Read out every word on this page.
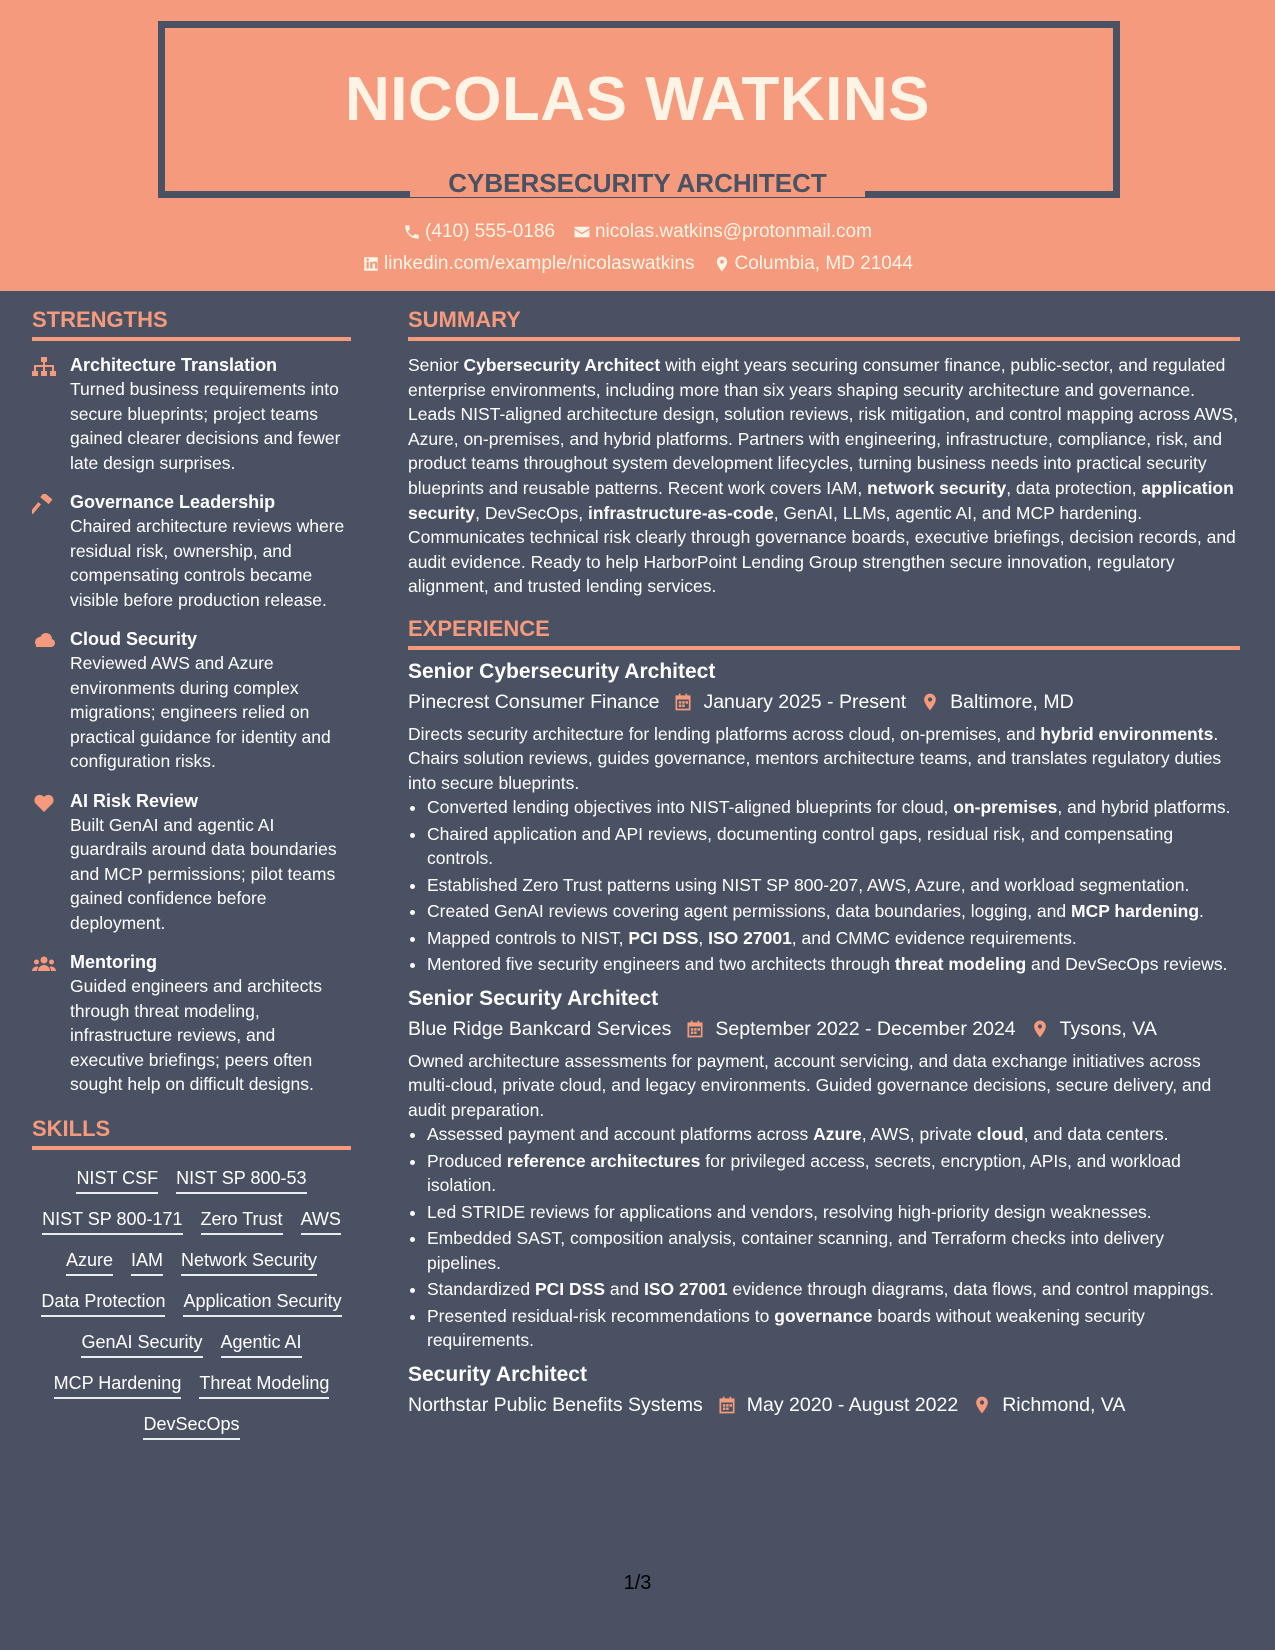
NICOLAS WATKINS
CYBERSECURITY ARCHITECT
(410) 555-0186 nicolas.watkins@protonmail.com
linkedin.com/example/nicolaswatkins Columbia, MD 21044
STRENGTHS
Architecture Translation
Turned business requirements into secure blueprints; project teams gained clearer decisions and fewer late design surprises.
Governance Leadership
Chaired architecture reviews where residual risk, ownership, and compensating controls became visible before production release.
Cloud Security
Reviewed AWS and Azure environments during complex migrations; engineers relied on practical guidance for identity and configuration risks.
AI Risk Review
Built GenAI and agentic AI guardrails around data boundaries and MCP permissions; pilot teams gained confidence before deployment.
Mentoring
Guided engineers and architects through threat modeling, infrastructure reviews, and executive briefings; peers often sought help on difficult designs.
SKILLS
NIST CSF NIST SP 800-53
NIST SP 800-171 Zero Trust AWS
Azure IAM Network Security
Data Protection Application Security
GenAI Security Agentic AI
MCP Hardening Threat Modeling
DevSecOps
SUMMARY

Senior Cybersecurity Architect with eight years securing consumer finance, public-sector, and regulated enterprise environments, including more than six years shaping security architecture and governance. Leads NIST-aligned architecture design, solution reviews, risk mitigation, and control mapping across AWS, Azure, on-premises, and hybrid platforms. Partners with engineering, infrastructure, compliance, risk, and product teams throughout system development lifecycles, turning business needs into practical security blueprints and reusable patterns. Recent work covers IAM, network security, data protection, application security, DevSecOps, infrastructure-as-code, GenAI, LLMs, agentic AI, and MCP hardening. Communicates technical risk clearly through governance boards, executive briefings, decision records, and audit evidence. Ready to help HarborPoint Lending Group strengthen secure innovation, regulatory alignment, and trusted lending services.

EXPERIENCE
Senior Cybersecurity Architect
Pinecrest Consumer Finance January 2025 - Present Baltimore, MD

Directs security architecture for lending platforms across cloud, on-premises, and hybrid environments. Chairs solution reviews, guides governance, mentors architecture teams, and translates regulatory duties into secure blueprints.

• Converted lending objectives into NIST-aligned blueprints for cloud, on-premises, and hybrid platforms.
• Chaired application and API reviews, documenting control gaps, residual risk, and compensating controls.
• Established Zero Trust patterns using NIST SP 800-207, AWS, Azure, and workload segmentation.
• Created GenAI reviews covering agent permissions, data boundaries, logging, and MCP hardening.
• Mapped controls to NIST, PCI DSS, ISO 27001, and CMMC evidence requirements.
• Mentored five security engineers and two architects through threat modeling and DevSecOps reviews.
Senior Security Architect
Blue Ridge Bankcard Services September 2022 - December 2024 Tysons, VA

Owned architecture assessments for payment, account servicing, and data exchange initiatives across multi-cloud, private cloud, and legacy environments. Guided governance decisions, secure delivery, and audit preparation.

• Assessed payment and account platforms across Azure, AWS, private cloud, and data centers.
• Produced reference architectures for privileged access, secrets, encryption, APIs, and workload isolation.
• Led STRIDE reviews for applications and vendors, resolving high-priority design weaknesses.
• Embedded SAST, composition analysis, container scanning, and Terraform checks into delivery pipelines.
• Standardized PCI DSS and ISO 27001 evidence through diagrams, data flows, and control mappings.
• Presented residual-risk recommendations to governance boards without weakening security requirements.
Security Architect
Northstar Public Benefits Systems May 2020 - August 2022 Richmond, VA
1/3
